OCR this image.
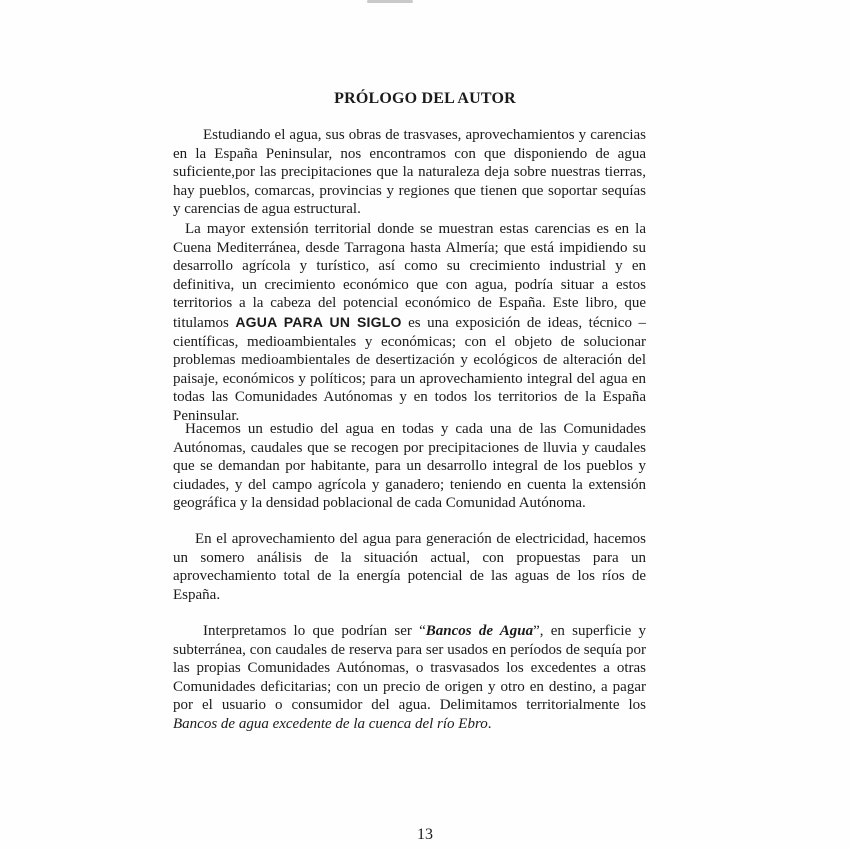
PRÓLOGO DEL AUTOR

Estudiando el agua, sus obras de trasvases, aprovechamientos y carencias en la España Peninsular, nos encontramos con que disponiendo de agua suficiente,por las precipitaciones que la naturaleza deja sobre nuestras tierras, hay pueblos, comarcas, provincias y regiones que tienen que soportar sequías y carencias de agua estructural.

La mayor extensión territorial donde se muestran estas carencias es en la Cuena Mediterránea, desde Tarragona hasta Almería; que está impidiendo su desarrollo agrícola y turístico, así como su crecimiento industrial y en definitiva, un crecimiento económico que con agua, podría situar a estos territorios a la cabeza del potencial económico de España. Este libro, que titulamos AGUA PARA UN SIGLO es una exposición de ideas, técnico – científicas, medioambientales y económicas; con el objeto de solucionar problemas medioambientales de desertización y ecológicos de alteración del paisaje, económicos y políticos; para un aprovechamiento integral del agua en todas las Comunidades Autónomas y en todos los territorios de la España Peninsular.

Hacemos un estudio del agua en todas y cada una de las Comunidades Autónomas, caudales que se recogen por precipitaciones de lluvia y caudales que se demandan por habitante, para un desarrollo integral de los pueblos y ciudades, y del campo agrícola y ganadero; teniendo en cuenta la extensión geográfica y la densidad poblacional de cada Comunidad Autónoma.

En el aprovechamiento del agua para generación de electricidad, hacemos un somero análisis de la situación actual, con propuestas para un aprovechamiento total de la energía potencial de las aguas de los ríos de España.

Interpretamos lo que podrían ser “Bancos de Agua”, en superficie y subterránea, con caudales de reserva para ser usados en períodos de sequía por las propias Comunidades Autónomas, o trasvasados los excedentes a otras Comunidades deficitarias; con un precio de origen y otro en destino, a pagar por el usuario o consumidor del agua. Delimitamos territorialmente los Bancos de agua excedente de la cuenca del río Ebro.

13
